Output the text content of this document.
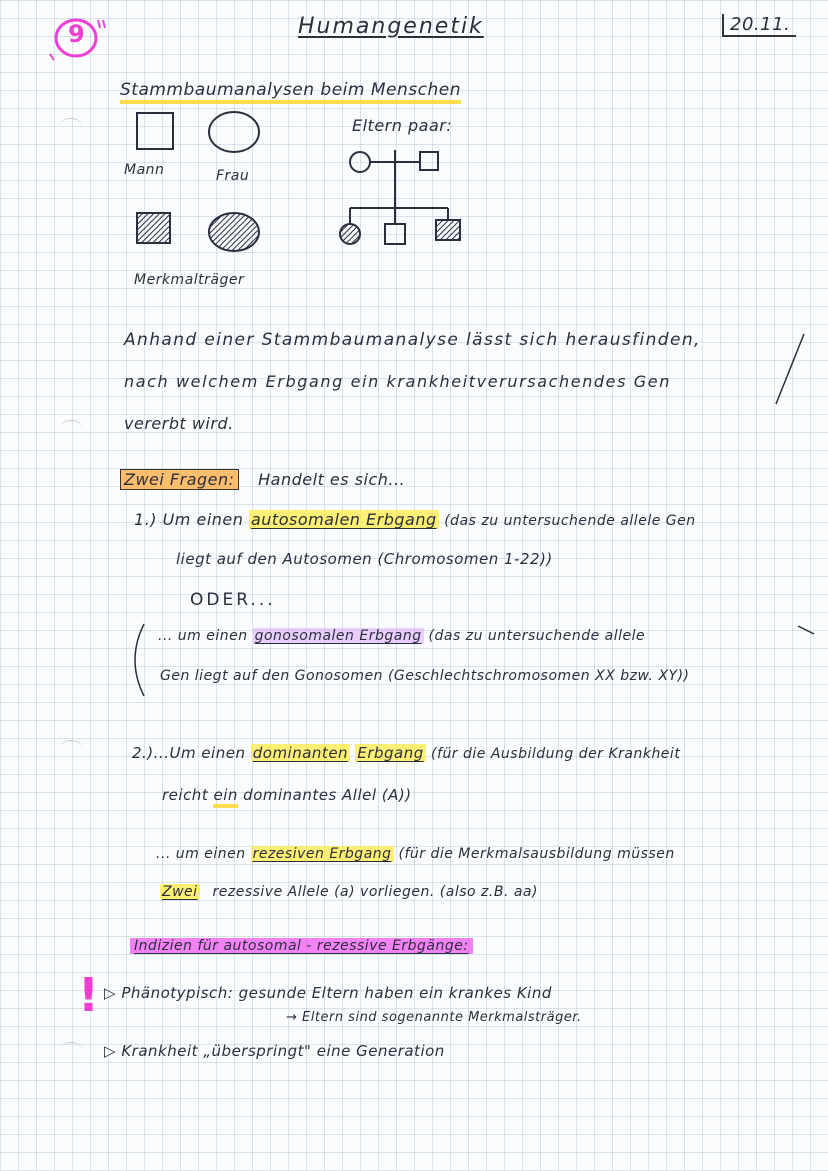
9	Humangenetik	20.11.
Stammbaumanalysen beim Menschen
Mann	Frau
Merkmalträger
Eltern paar:
Anhand einer Stammbaumanalyse lässt sich herausfinden,
nach welchem Erbgang ein krankheitverursachendes Gen
vererbt wird.
Zwei Fragen: Handelt es sich...
1.) Um einen autosomalen Erbgang (das zu untersuchende allele Gen
liegt auf den Autosomen (Chromosomen 1-22))
ODER...
... um einen gonosomalen Erbgang (das zu untersuchende allele
Gen liegt auf den Gonosomen (Geschlechtschromosomen XX bzw. XY))
2.)...Um einen dominanten Erbgang (für die Ausbildung der Krankheit
reicht ein dominantes Allel (A))
... um einen rezesiven Erbgang (für die Merkmalsausbildung müssen
Zwei rezessive Allele (a) vorliegen. (also z.B. aa)
Indizien für autosomal - rezessive Erbgänge:
! ▷ Phänotypisch: gesunde Eltern haben ein krankes Kind
→ Eltern sind sogenannte Merkmalsträger.
▷ Krankheit „überspringt" eine Generation
